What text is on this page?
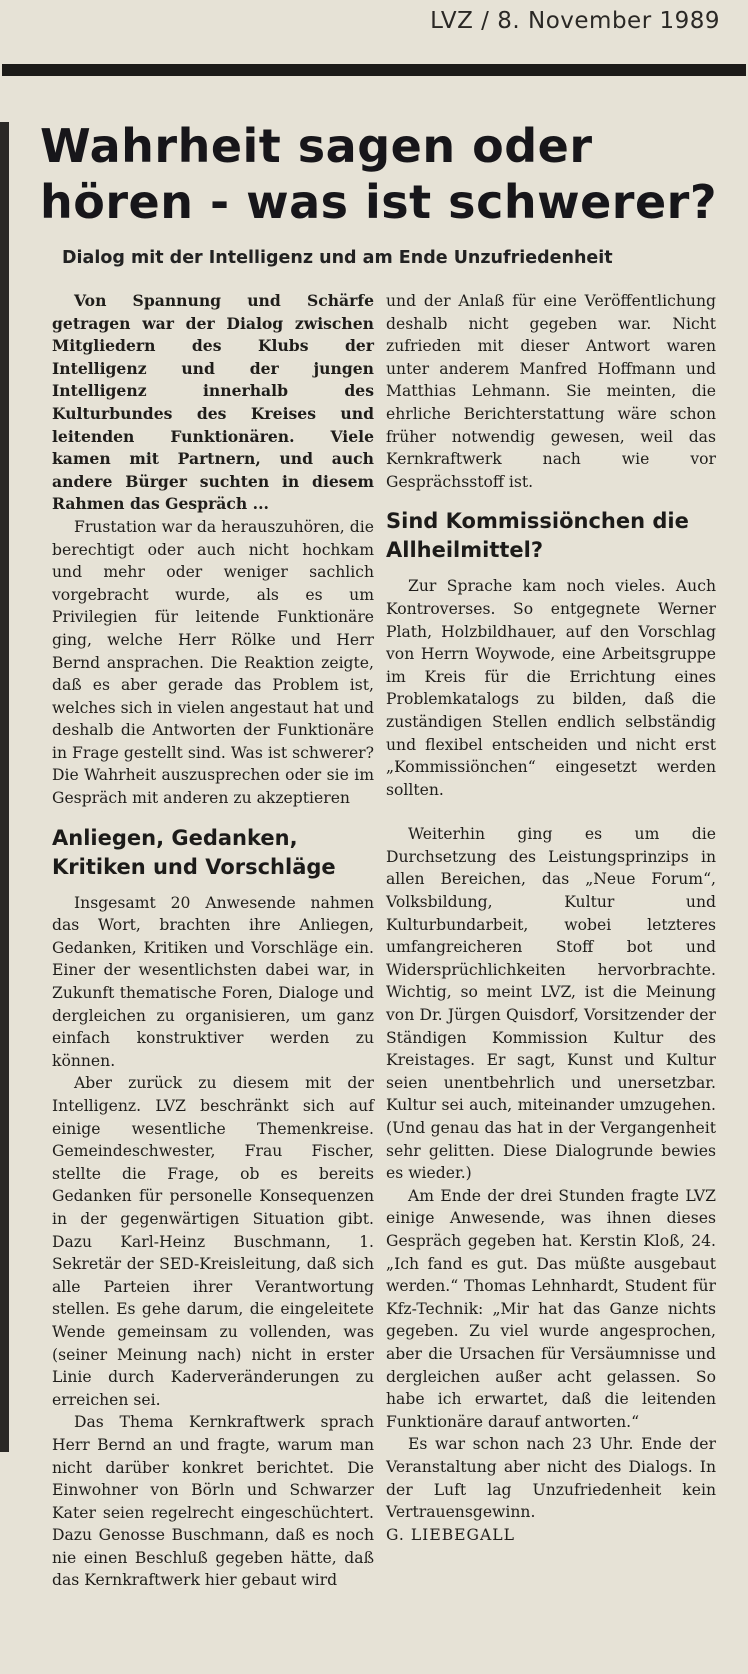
LVZ / 8. November 1989
Wahrheit sagen oder
hören - was ist schwerer?
Dialog mit der Intelligenz und am Ende Unzufriedenheit

Von Spannung und Schärfe getragen war der Dialog zwischen Mitgliedern des Klubs der Intelligenz und der jungen Intelligenz innerhalb des Kulturbundes des Kreises und leitenden Funktionären. Viele kamen mit Partnern, und auch andere Bürger suchten in diesem Rahmen das Gespräch ...

Frustation war da herauszuhören, die berechtigt oder auch nicht hochkam und mehr oder weniger sachlich vorgebracht wurde, als es um Privilegien für leitende Funktionäre ging, welche Herr Rölke und Herr Bernd ansprachen. Die Reaktion zeigte, daß es aber gerade das Problem ist, welches sich in vielen angestaut hat und deshalb die Antworten der Funktionäre in Frage gestellt sind. Was ist schwerer? Die Wahrheit auszusprechen oder sie im Gespräch mit anderen zu akzeptieren

Anliegen, Gedanken, Kritiken und Vorschläge

Insgesamt 20 Anwesende nahmen das Wort, brachten ihre Anliegen, Gedanken, Kritiken und Vorschläge ein. Einer der wesentlichsten dabei war, in Zukunft thematische Foren, Dialoge und dergleichen zu organisieren, um ganz einfach konstruktiver werden zu können.

Aber zurück zu diesem mit der Intelligenz. LVZ beschränkt sich auf einige wesentliche Themenkreise. Gemeindeschwester, Frau Fischer, stellte die Frage, ob es bereits Gedanken für personelle Konsequenzen in der gegenwärtigen Situation gibt. Dazu Karl-Heinz Buschmann, 1. Sekretär der SED-Kreisleitung, daß sich alle Parteien ihrer Verantwortung stellen. Es gehe darum, die eingeleitete Wende gemeinsam zu vollenden, was (seiner Meinung nach) nicht in erster Linie durch Kaderveränderungen zu erreichen sei.

Das Thema Kernkraftwerk sprach Herr Bernd an und fragte, warum man nicht darüber konkret berichtet. Die Einwohner von Börln und Schwarzer Kater seien regelrecht eingeschüchtert. Dazu Genosse Buschmann, daß es noch nie einen Beschluß gegeben hätte, daß das Kernkraftwerk hier gebaut wird

und der Anlaß für eine Veröffentlichung deshalb nicht gegeben war. Nicht zufrieden mit dieser Antwort waren unter anderem Manfred Hoffmann und Matthias Lehmann. Sie meinten, die ehrliche Berichterstattung wäre schon früher notwendig gewesen, weil das Kernkraftwerk nach wie vor Gesprächsstoff ist.

Sind Kommissiönchen die Allheilmittel?

Zur Sprache kam noch vieles. Auch Kontroverses. So entgegnete Werner Plath, Holzbildhauer, auf den Vorschlag von Herrn Woywode, eine Arbeitsgruppe im Kreis für die Errichtung eines Problemkatalogs zu bilden, daß die zuständigen Stellen endlich selbständig und flexibel entscheiden und nicht erst „Kommissiönchen“ eingesetzt werden sollten.

Weiterhin ging es um die Durchsetzung des Leistungsprinzips in allen Bereichen, das „Neue Forum“, Volksbildung, Kultur und Kulturbundarbeit, wobei letzteres umfangreicheren Stoff bot und Widersprüchlichkeiten hervorbrachte. Wichtig, so meint LVZ, ist die Meinung von Dr. Jürgen Quisdorf, Vorsitzender der Ständigen Kommission Kultur des Kreistages. Er sagt, Kunst und Kultur seien unentbehrlich und unersetzbar. Kultur sei auch, miteinander umzugehen. (Und genau das hat in der Vergangenheit sehr gelitten. Diese Dialogrunde bewies es wieder.)

Am Ende der drei Stunden fragte LVZ einige Anwesende, was ihnen dieses Gespräch gegeben hat. Kerstin Kloß, 24. „Ich fand es gut. Das müßte ausgebaut werden.“ Thomas Lehnhardt, Student für Kfz-Technik: „Mir hat das Ganze nichts gegeben. Zu viel wurde angesprochen, aber die Ursachen für Versäumnisse und dergleichen außer acht gelassen. So habe ich erwartet, daß die leitenden Funktionäre darauf antworten.“

Es war schon nach 23 Uhr. Ende der Veranstaltung aber nicht des Dialogs. In der Luft lag Unzufriedenheit kein Vertrauensgewinn.

G. LIEBEGALL
